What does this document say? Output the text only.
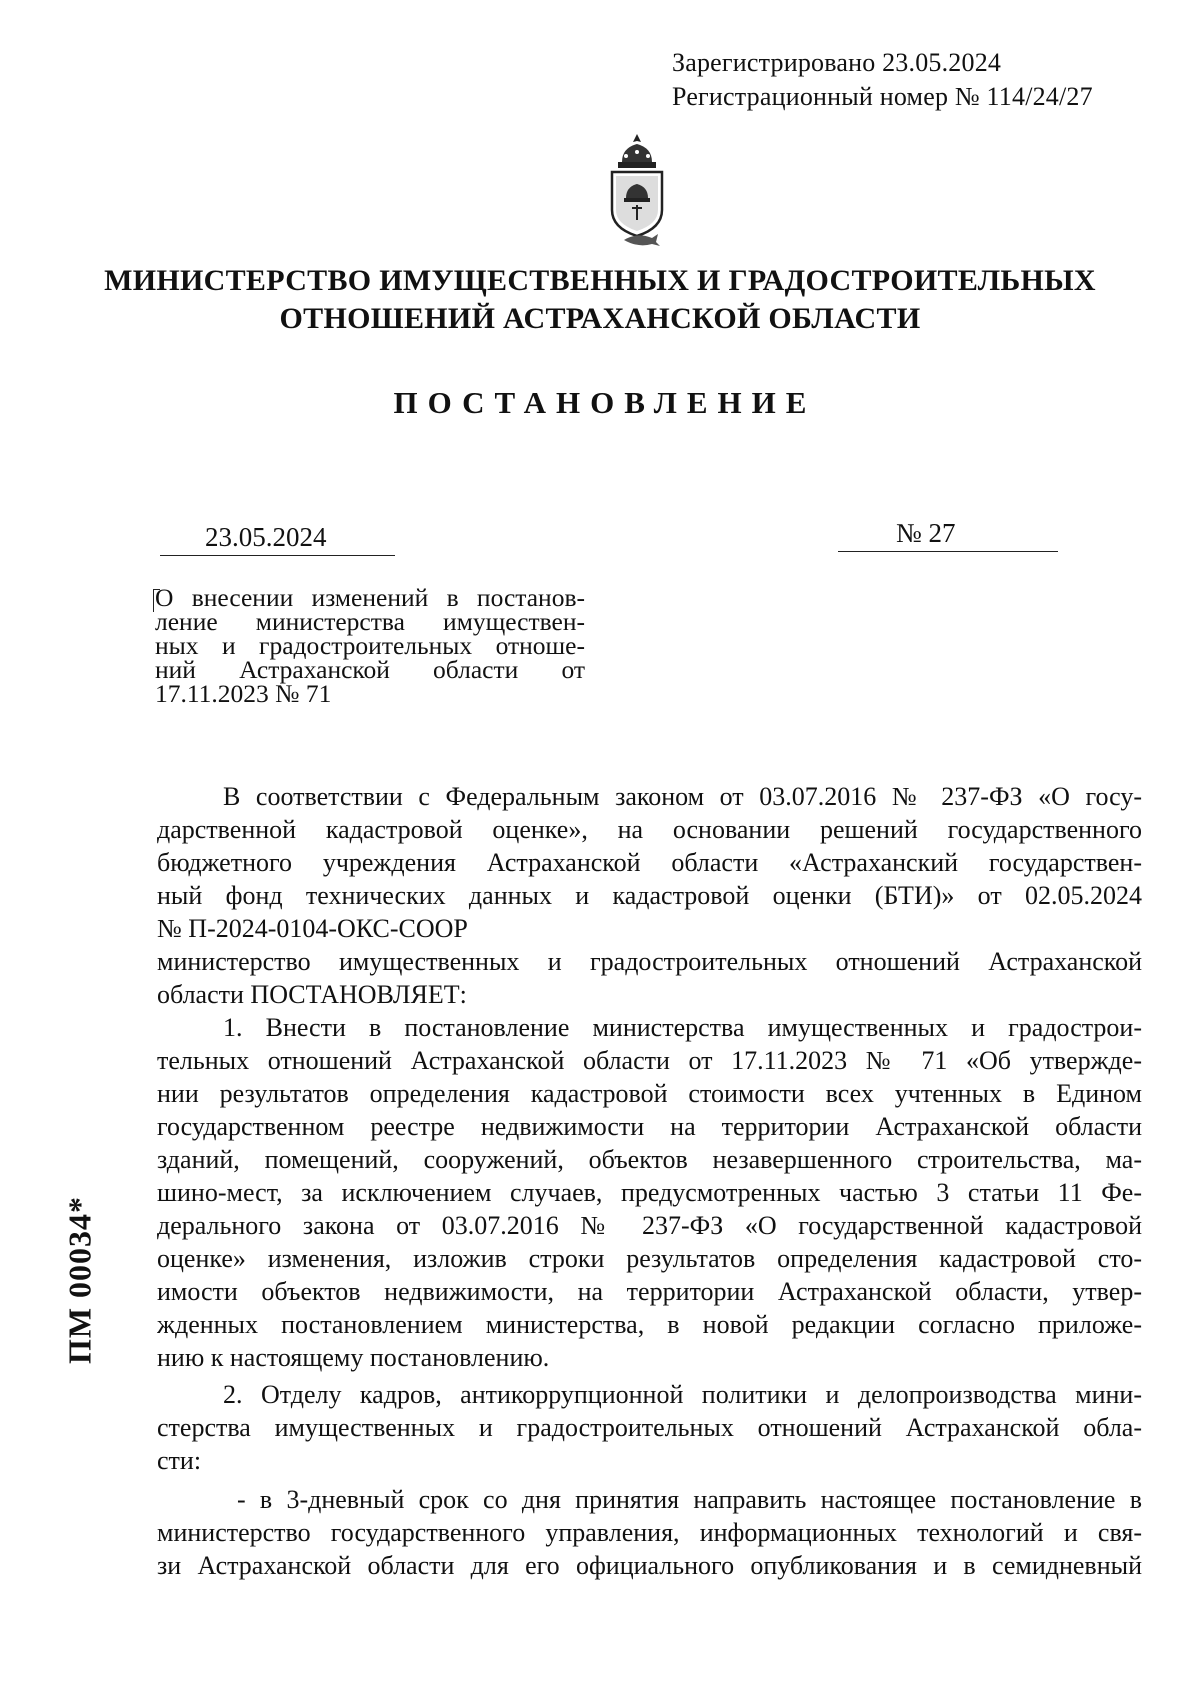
Зарегистрировано 23.05.2024
Регистрационный номер № 114/24/27
МИНИСТЕРСТВО ИМУЩЕСТВЕННЫХ И ГРАДОСТРОИТЕЛЬНЫХ
ОТНОШЕНИЙ АСТРАХАНСКОЙ ОБЛАСТИ
ПОСТАНОВЛЕНИЕ
23.05.2024	№ 27
О внесении изменений в постанов-
ление министерства имуществен-
ных и градостроительных отноше-
ний Астраханской области от
17.11.2023 № 71
В соответствии с Федеральным законом от 03.07.2016 № 237-ФЗ «О госу-
дарственной кадастровой оценке», на основании решений государственного
бюджетного учреждения Астраханской области «Астраханский государствен-
ный фонд технических данных и кадастровой оценки (БТИ)» от 02.05.2024
№ П-2024-0104-ОКС-СООР
министерство имущественных и градостроительных отношений Астраханской
области ПОСТАНОВЛЯЕТ:
1. Внести в постановление министерства имущественных и градострои-
тельных отношений Астраханской области от 17.11.2023 № 71 «Об утвержде-
нии результатов определения кадастровой стоимости всех учтенных в Едином
государственном реестре недвижимости на территории Астраханской области
зданий, помещений, сооружений, объектов незавершенного строительства, ма-
шино-мест, за исключением случаев, предусмотренных частью 3 статьи 11 Фе-
дерального закона от 03.07.2016 № 237-ФЗ «О государственной кадастровой
оценке» изменения, изложив строки результатов определения кадастровой сто-
имости объектов недвижимости, на территории Астраханской области, утвер-
жденных постановлением министерства, в новой редакции согласно приложе-
нию к настоящему постановлению.
2. Отделу кадров, антикоррупционной политики и делопроизводства мини-
стерства имущественных и градостроительных отношений Астраханской обла-
сти:
- в 3-дневный срок со дня принятия направить настоящее постановление в
министерство государственного управления, информационных технологий и свя-
зи Астраханской области для его официального опубликования и в семидневный
ПМ 00034*
